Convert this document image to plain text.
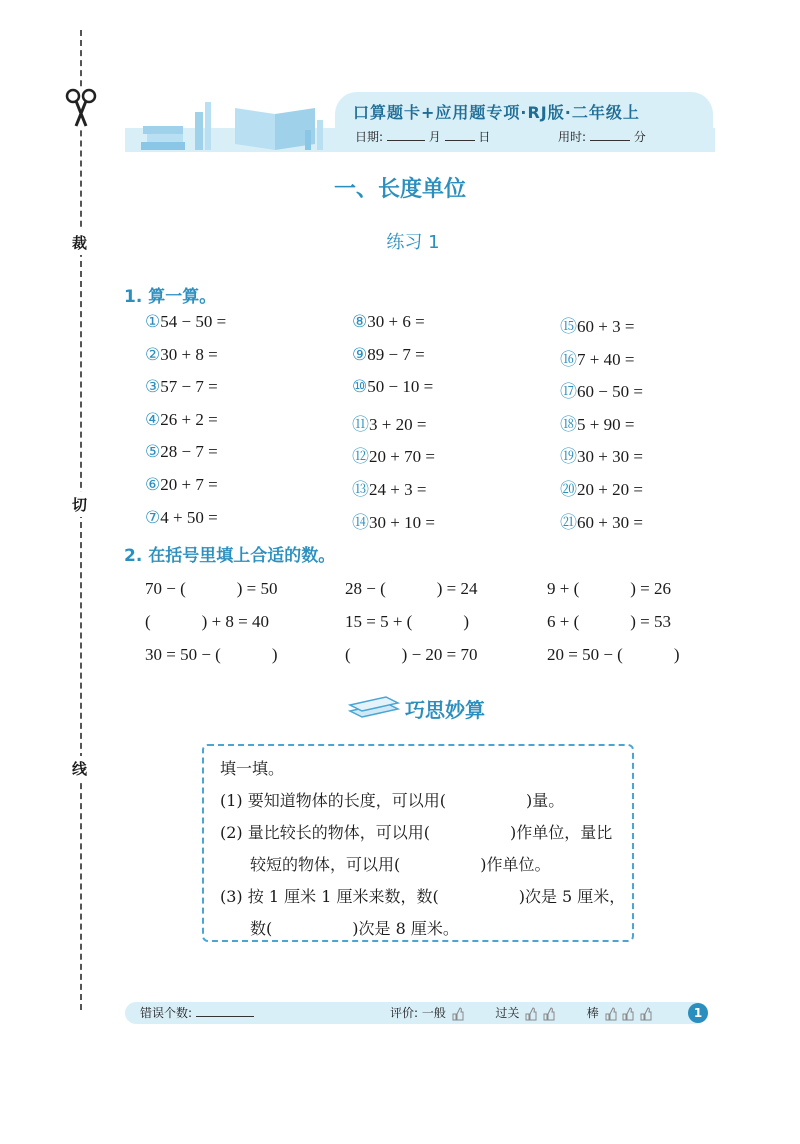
裁
切
线
口算题卡+应用题专项·RJ版·二年级上
日期:	月	日	用时:	分
一、长度单位
练习 1
1. 算一算。
①54 − 50 =
②30 + 8 =
③57 − 7 =
④26 + 2 =
⑤28 − 7 =
⑥20 + 7 =
⑦4 + 50 =
⑧30 + 6 =
⑨89 − 7 =
⑩50 − 10 =
⑪3 + 20 =
⑫20 + 70 =
⑬24 + 3 =
⑭30 + 10 =
⑮60 + 3 =
⑯7 + 40 =
⑰60 − 50 =
⑱5 + 90 =
⑲30 + 30 =
⑳20 + 20 =
㉑60 + 30 =
2. 在括号里填上合适的数。
70 − (　　　) = 50	28 − (　　　) = 24	9 + (　　　) = 26
(　　　) + 8 = 40	15 = 5 + (　　　)	6 + (　　　) = 53
30 = 50 − (　　　)	(　　　) − 20 = 70	20 = 50 − (　　　)
巧思妙算
填一填。
(1) 要知道物体的长度，可以用(　　　　　)量。
(2) 量比较长的物体，可以用(　　　　　)作单位，量比
较短的物体，可以用(　　　　　)作单位。
(3) 按 1 厘米 1 厘米来数，数(　　　　　)次是 5 厘米，
数(　　　　　)次是 8 厘米。
错误个数:	评价: 一般	过关	棒	1
